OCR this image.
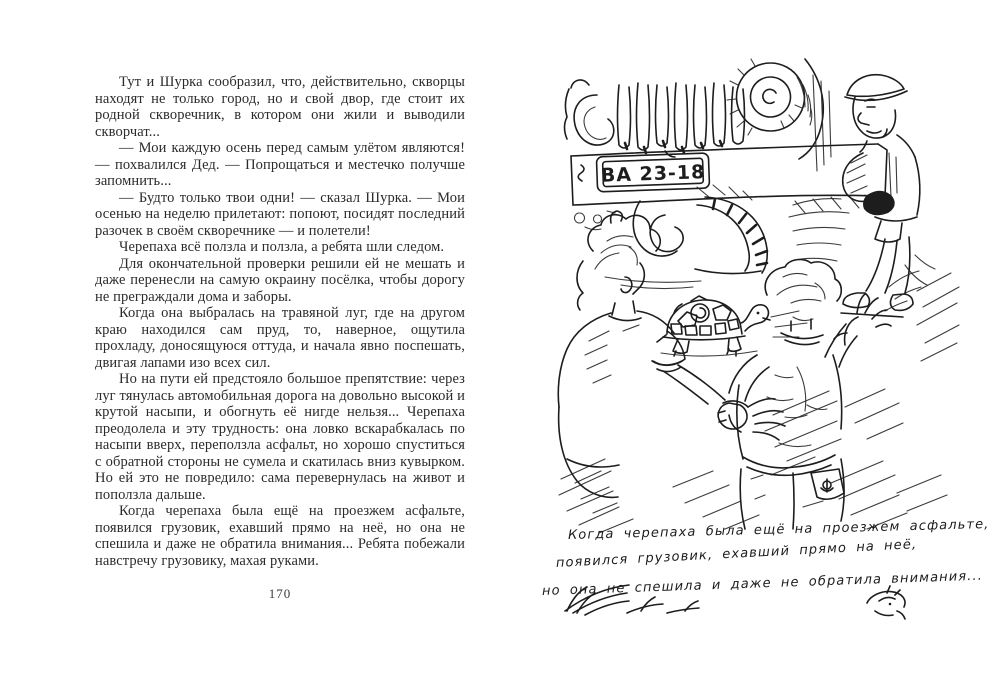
Тут и Шурка сообразил, что, действительно, скворцы находят не только город, но и свой двор, где стоит их родной скворечник, в котором они жили и выводили скворчат...

— Мои каждую осень перед самым улётом являются! — похвалился Дед. — Попрощаться и местечко получше запомнить...

— Будто только твои одни! — сказал Шурка. — Мои осенью на неделю прилетают: попоют, посидят последний разочек в своём скворечнике — и полетели!

Черепаха всё ползла и ползла, а ребята шли следом.

Для окончательной проверки решили ей не мешать и даже перенесли на самую окраину посёлка, чтобы дорогу не преграждали дома и заборы.

Когда она выбралась на травяной луг, где на другом краю находился сам пруд, то, наверное, ощутила прохладу, доносящуюся оттуда, и начала явно поспешать, двигая лапами изо всех сил.

Но на пути ей предстояло большое препятствие: через луг тянулась автомобильная дорога на довольно высокой и крутой насыпи, и обогнуть её нигде нельзя... Черепаха преодолела и эту трудность: она ловко вскарабкалась по насыпи вверх, переползла асфальт, но хорошо спуститься с обратной стороны не сумела и скатилась вниз кувырком. Но ей это не повредило: сама перевернулась на живот и поползла дальше.

Когда черепаха была ещё на проезжем асфальте, появился грузовик, ехавший прямо на неё, но она не спешила и даже не обратила внимания... Ребята побежали навстречу грузовику, махая руками.

170
ВА 23-18
Когда черепаха была ещё на проезжем асфальте,
появился грузовик, ехавший прямо на неё,
но она не спешила и даже не обратила внимания...
